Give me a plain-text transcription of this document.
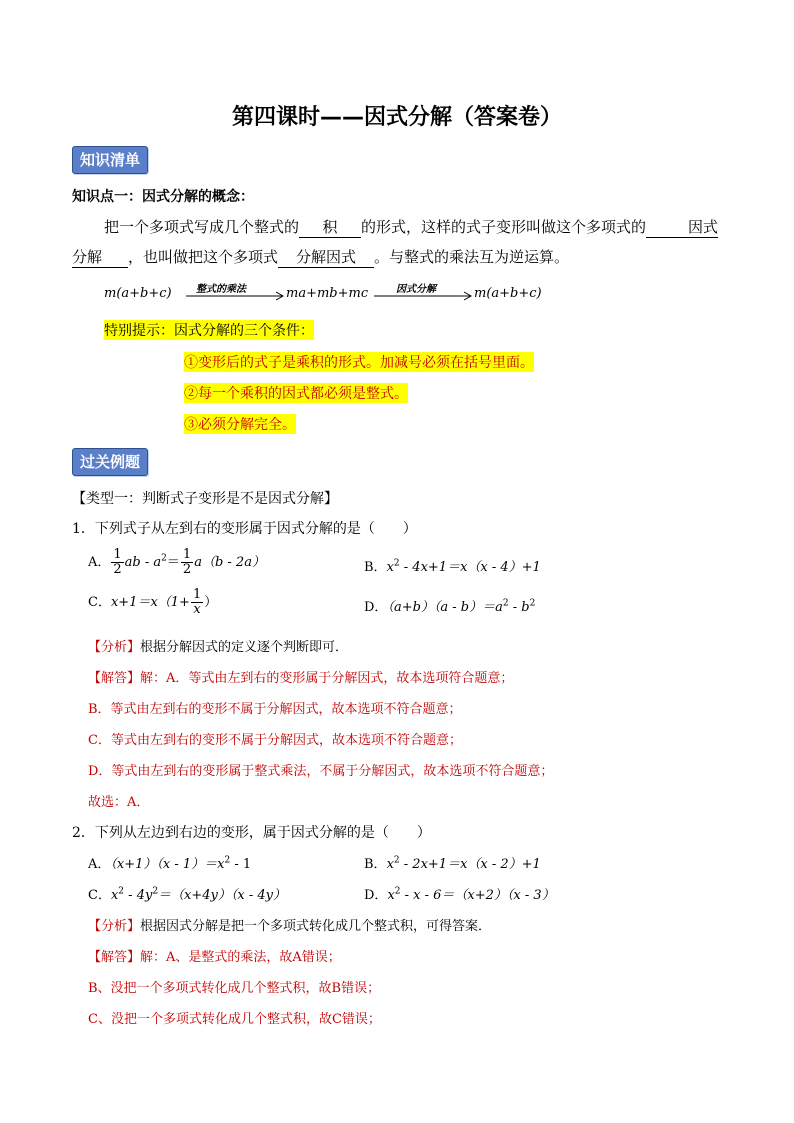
第四课时——因式分解（答案卷）
知识清单
知识点一：因式分解的概念：
把一个多项式写成几个整式的 积 的形式，这样的式子变形叫做这个多项式的	因式
分解 ，也叫做把这个多项式 分解因式 。与整式的乘法互为逆运算。
m(a+b+c) 整式的乘法	ma+mb+mc	因式分解	m(a+b+c)
特别提示：因式分解的三个条件：
①变形后的式子是乘积的形式。加减号必须在括号里面。
②每一个乘积的因式都必须是整式。
③必须分解完全。
过关例题
【类型一：判断式子变形是不是因式分解】
1．下列式子从左到右的变形属于因式分解的是（　　）
A． $\frac{1}{2}$ ab - $a^2= \frac{1}{2} a(b - 2a)$	B．$x^2 - 4x+1=x(x - 4)+1$
C．$x+1=x(1+ \frac{1}{x}$ ）	D．$(a+b)(a - b)=a^2 - b^2$
【分析】根据分解因式的定义逐个判断即可．
【解答】解：A．等式由左到右的变形属于分解因式，故本选项符合题意；
B．等式由左到右的变形不属于分解因式，故本选项不符合题意；
C．等式由左到右的变形不属于分解因式，故本选项不符合题意；
D．等式由左到右的变形属于整式乘法，不属于分解因式，故本选项不符合题意；
故选：A．
2．下列从左边到右边的变形，属于因式分解的是（　　）
A．$(x+1)(x - 1)=x^2 - 1$	B．$x^2 - 2x+1=x(x - 2)+1$
C．$x^2 - 4y^2=(x+4y)(x - 4y)$	D．$x^2 - x - 6=(x+2)(x - 3)$
【分析】根据因式分解是把一个多项式转化成几个整式积，可得答案．
【解答】解：A、是整式的乘法，故A错误；
B、没把一个多项式转化成几个整式积，故B错误；
C、没把一个多项式转化成几个整式积，故C错误；
